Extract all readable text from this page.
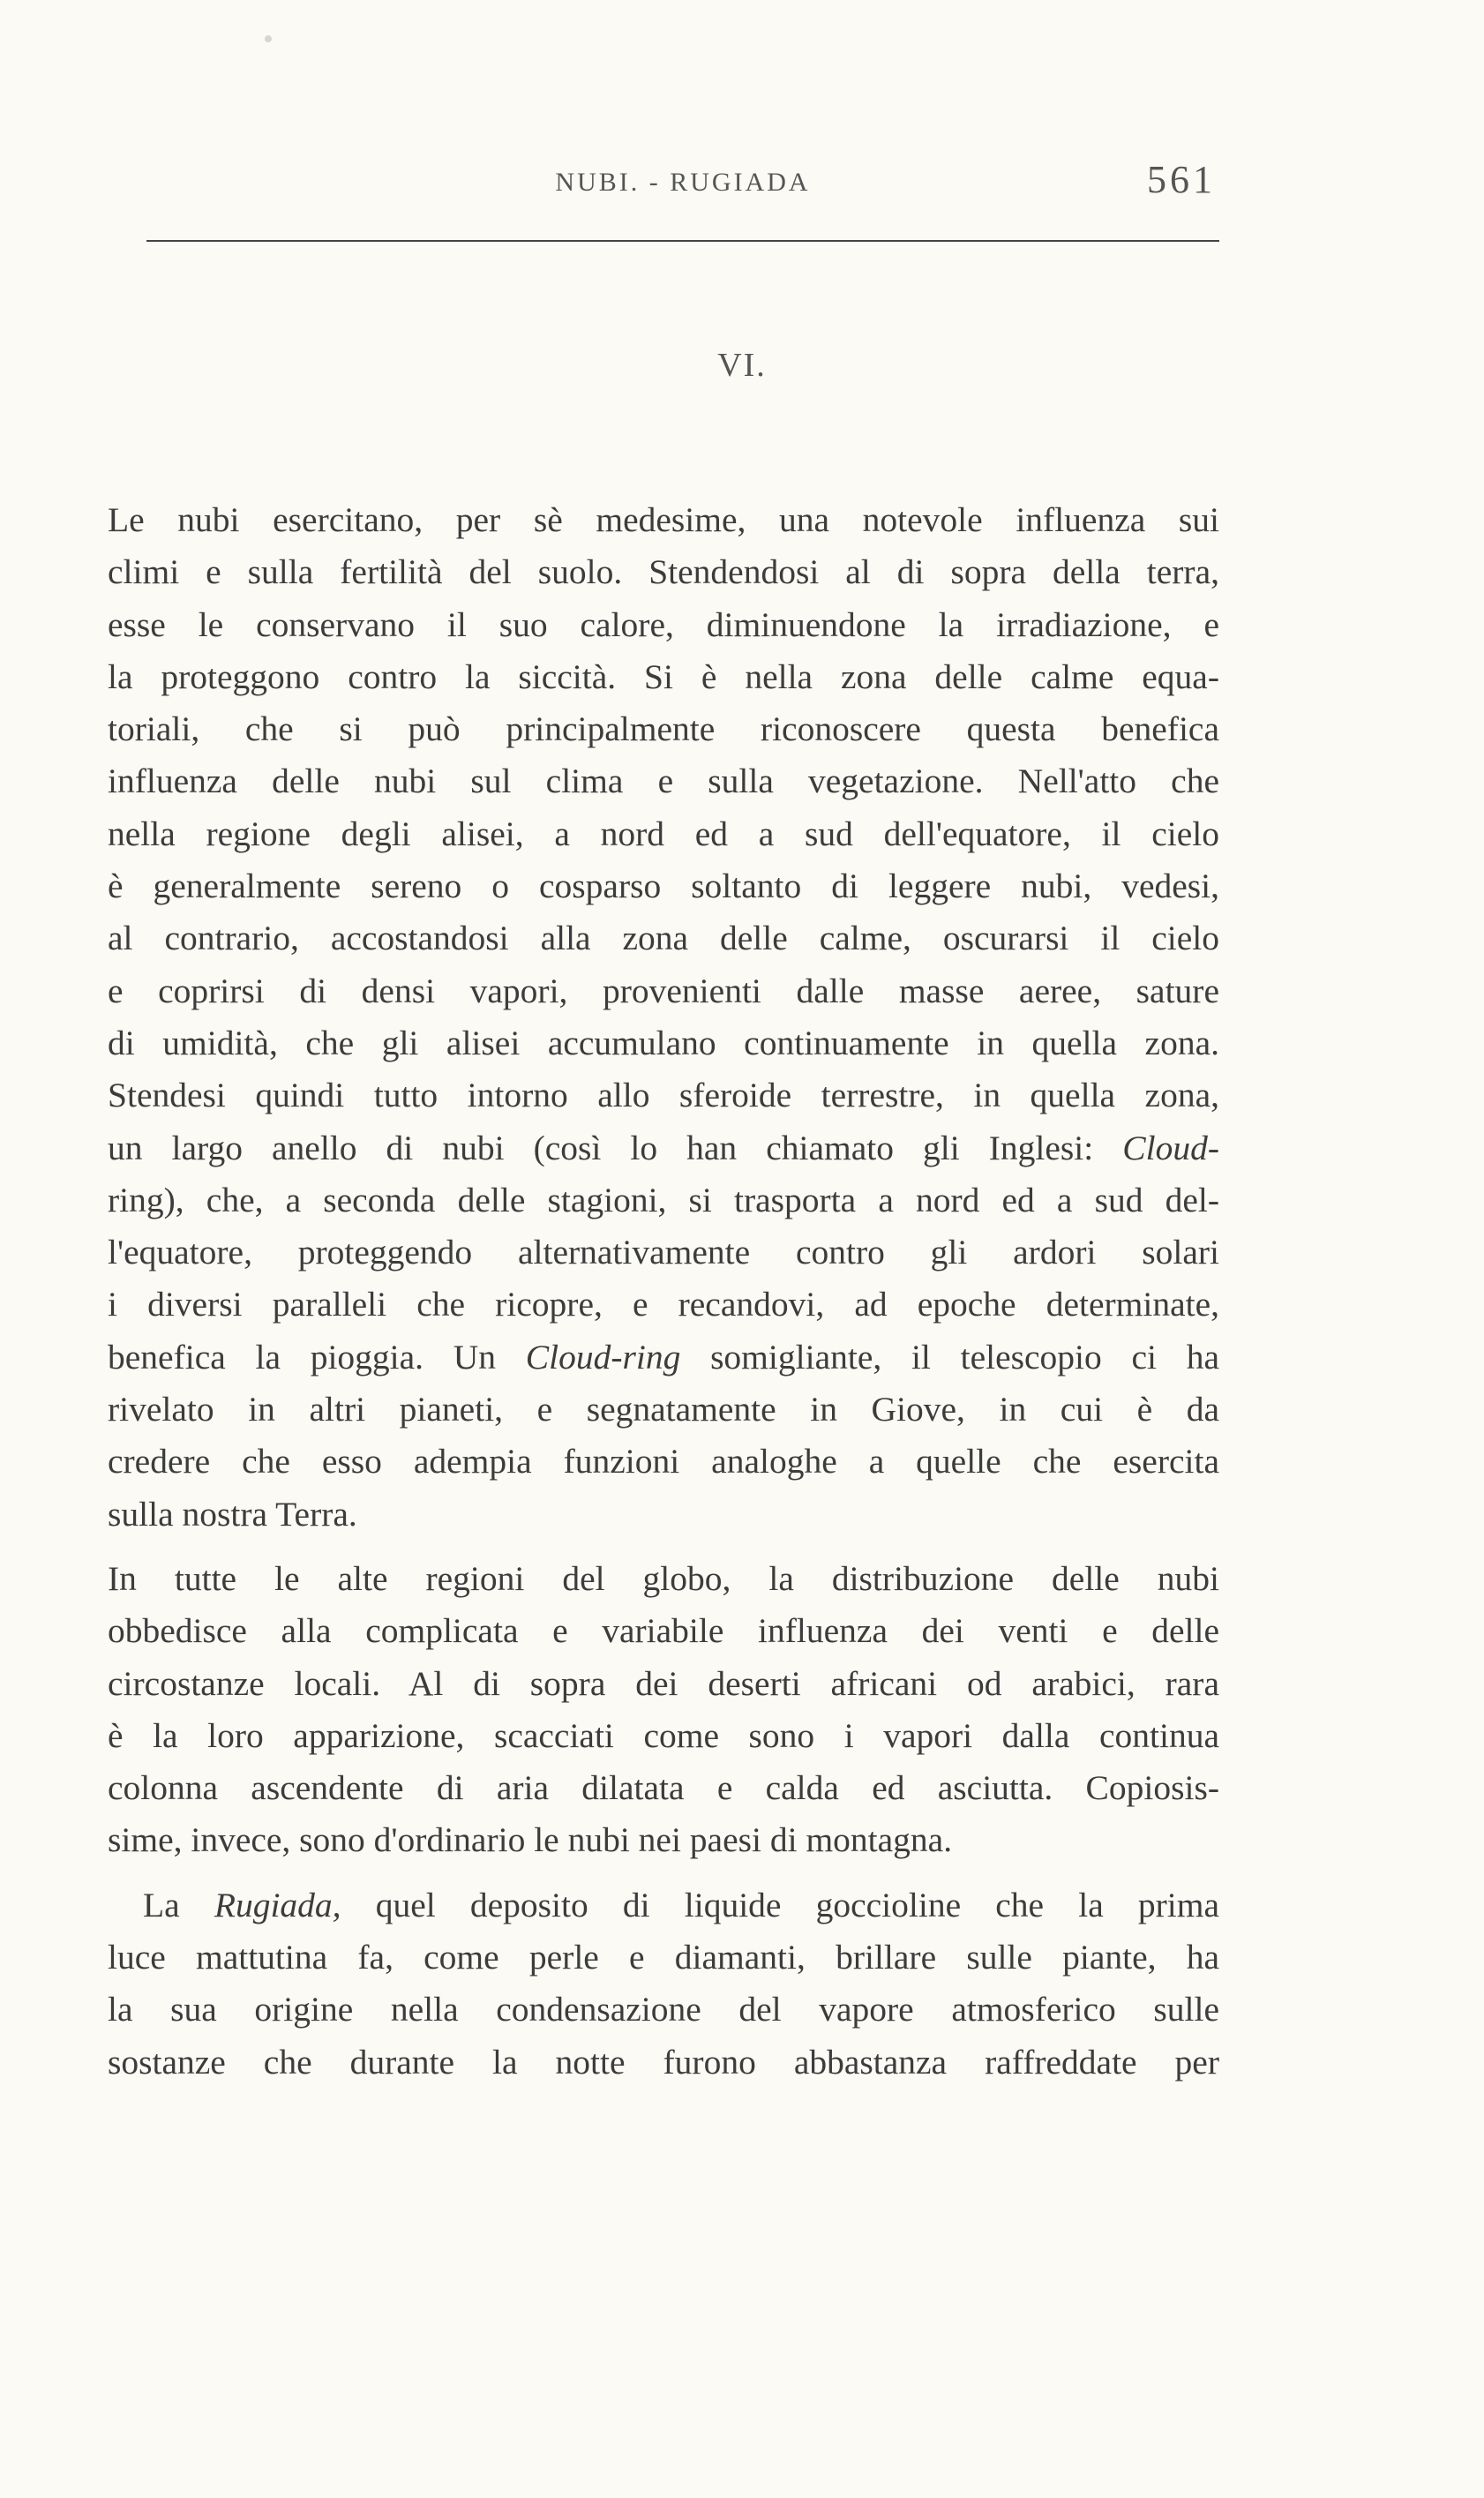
NUBI. - RUGIADA	561
VI.
Le nubi esercitano, per sè medesime, una notevole influenza sui
climi e sulla fertilità del suolo. Stendendosi al di sopra della terra,
esse le conservano il suo calore, diminuendone la irradiazione, e
la proteggono contro la siccità. Si è nella zona delle calme equa-
toriali, che si può principalmente riconoscere questa benefica
influenza delle nubi sul clima e sulla vegetazione. Nell'atto che
nella regione degli alisei, a nord ed a sud dell'equatore, il cielo
è generalmente sereno o cosparso soltanto di leggere nubi, vedesi,
al contrario, accostandosi alla zona delle calme, oscurarsi il cielo
e coprirsi di densi vapori, provenienti dalle masse aeree, sature
di umidità, che gli alisei accumulano continuamente in quella zona.
Stendesi quindi tutto intorno allo sferoide terrestre, in quella zona,
un largo anello di nubi (così lo han chiamato gli Inglesi: Cloud-
ring), che, a seconda delle stagioni, si trasporta a nord ed a sud del-
l'equatore, proteggendo alternativamente contro gli ardori solari
i diversi paralleli che ricopre, e recandovi, ad epoche determinate,
benefica la pioggia. Un Cloud-ring somigliante, il telescopio ci ha
rivelato in altri pianeti, e segnatamente in Giove, in cui è da
credere che esso adempia funzioni analoghe a quelle che esercita
sulla nostra Terra.
In tutte le alte regioni del globo, la distribuzione delle nubi
obbedisce alla complicata e variabile influenza dei venti e delle
circostanze locali. Al di sopra dei deserti africani od arabici, rara
è la loro apparizione, scacciati come sono i vapori dalla continua
colonna ascendente di aria dilatata e calda ed asciutta. Copiosis-
sime, invece, sono d'ordinario le nubi nei paesi di montagna.
La Rugiada, quel deposito di liquide goccioline che la prima
luce mattutina fa, come perle e diamanti, brillare sulle piante, ha
la sua origine nella condensazione del vapore atmosferico sulle
sostanze che durante la notte furono abbastanza raffreddate per
